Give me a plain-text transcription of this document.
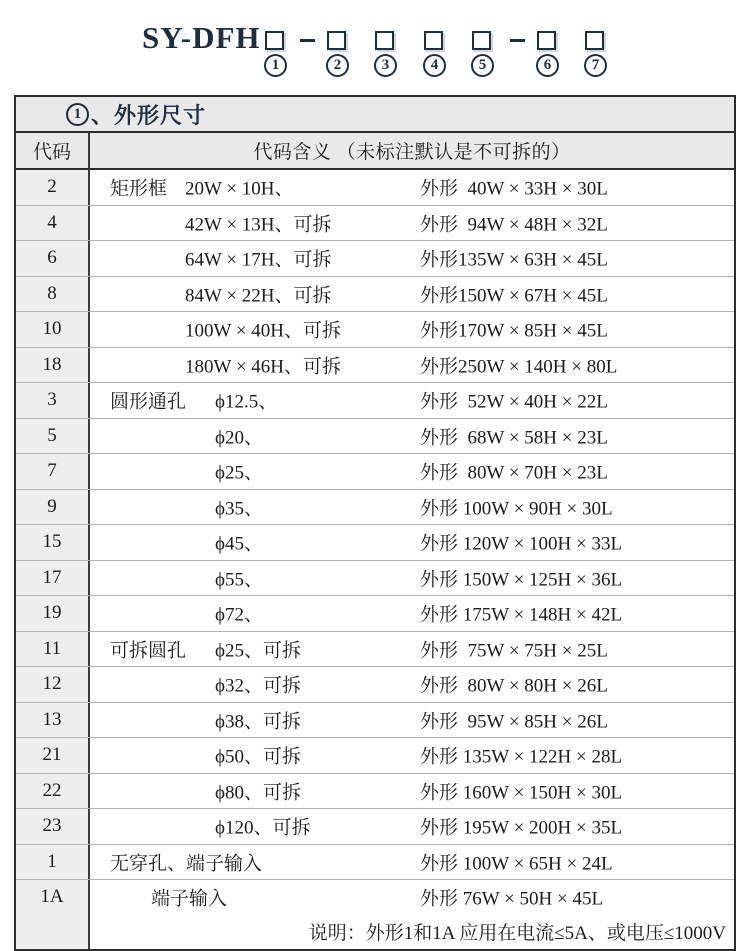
SY-DFH
1	2	3	4	5	6	7
1 、外形尺寸
代码	代码含义 （未标注默认是不可拆的）
2	矩形框 20W × 10H、	外形  40W × 33H × 30L
4	42W × 13H、可拆	外形  94W × 48H × 32L
6	64W × 17H、可拆	外形135W × 63H × 45L
8	84W × 22H、可拆	外形150W × 67H × 45L
10	100W × 40H、可拆	外形170W × 85H × 45L
18	180W × 46H、可拆	外形250W × 140H × 80L
3	圆形通孔 ϕ12.5、	外形  52W × 40H × 22L
5	ϕ20、	外形  68W × 58H × 23L
7	ϕ25、	外形  80W × 70H × 23L
9	ϕ35、	外形 100W × 90H × 30L
15	ϕ45、	外形 120W × 100H × 33L
17	ϕ55、	外形 150W × 125H × 36L
19	ϕ72、	外形 175W × 148H × 42L
11	可拆圆孔 ϕ25、可拆	外形  75W × 75H × 25L
12	ϕ32、可拆	外形  80W × 80H × 26L
13	ϕ38、可拆	外形  95W × 85H × 26L
21	ϕ50、可拆	外形 135W × 122H × 28L
22	ϕ80、可拆	外形 160W × 150H × 30L
23	ϕ120、可拆	外形 195W × 200H × 35L
1	无穿孔、端子输入	外形 100W × 65H × 24L
1A	端子输入	外形 76W × 50H × 45L
说明：外形1和1A 应用在电流≤5A、或电压≤1000V
